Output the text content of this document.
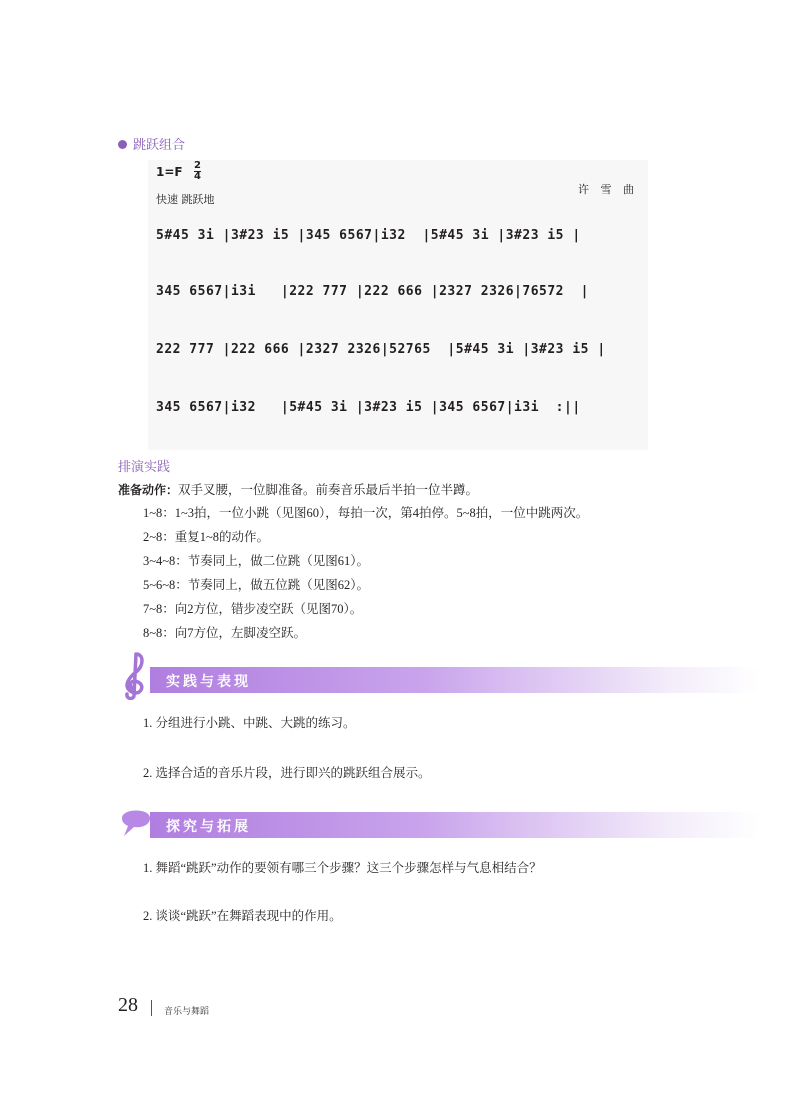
跳跃组合
1=F 2
4
快速 跳跃地
许 雪 曲
5#45 3i |3#23 i5 |345 6567|i32  |5#45 3i |3#23 i5 |
345 6567|i3i   |222 777 |222 666 |2327 2326|76572  |
222 777 |222 666 |2327 2326|52765  |5#45 3i |3#23 i5 |
345 6567|i32   |5#45 3i |3#23 i5 |345 6567|i3i  :||
排演实践
准备动作：双手叉腰，一位脚准备。前奏音乐最后半拍一位半蹲。
1~8：1~3拍，一位小跳（见图60），每拍一次，第4拍停。5~8拍，一位中跳两次。
2~8：重复1~8的动作。
3~4~8：节奏同上，做二位跳（见图61）。
5~6~8：节奏同上，做五位跳（见图62）。
7~8：向2方位，错步凌空跃（见图70）。
8~8：向7方位，左脚凌空跃。
实践与表现
1. 分组进行小跳、中跳、大跳的练习。
2. 选择合适的音乐片段，进行即兴的跳跃组合展示。
探究与拓展
1. 舞蹈“跳跃”动作的要领有哪三个步骤？这三个步骤怎样与气息相结合？
2. 谈谈“跳跃”在舞蹈表现中的作用。
28	音乐与舞蹈
